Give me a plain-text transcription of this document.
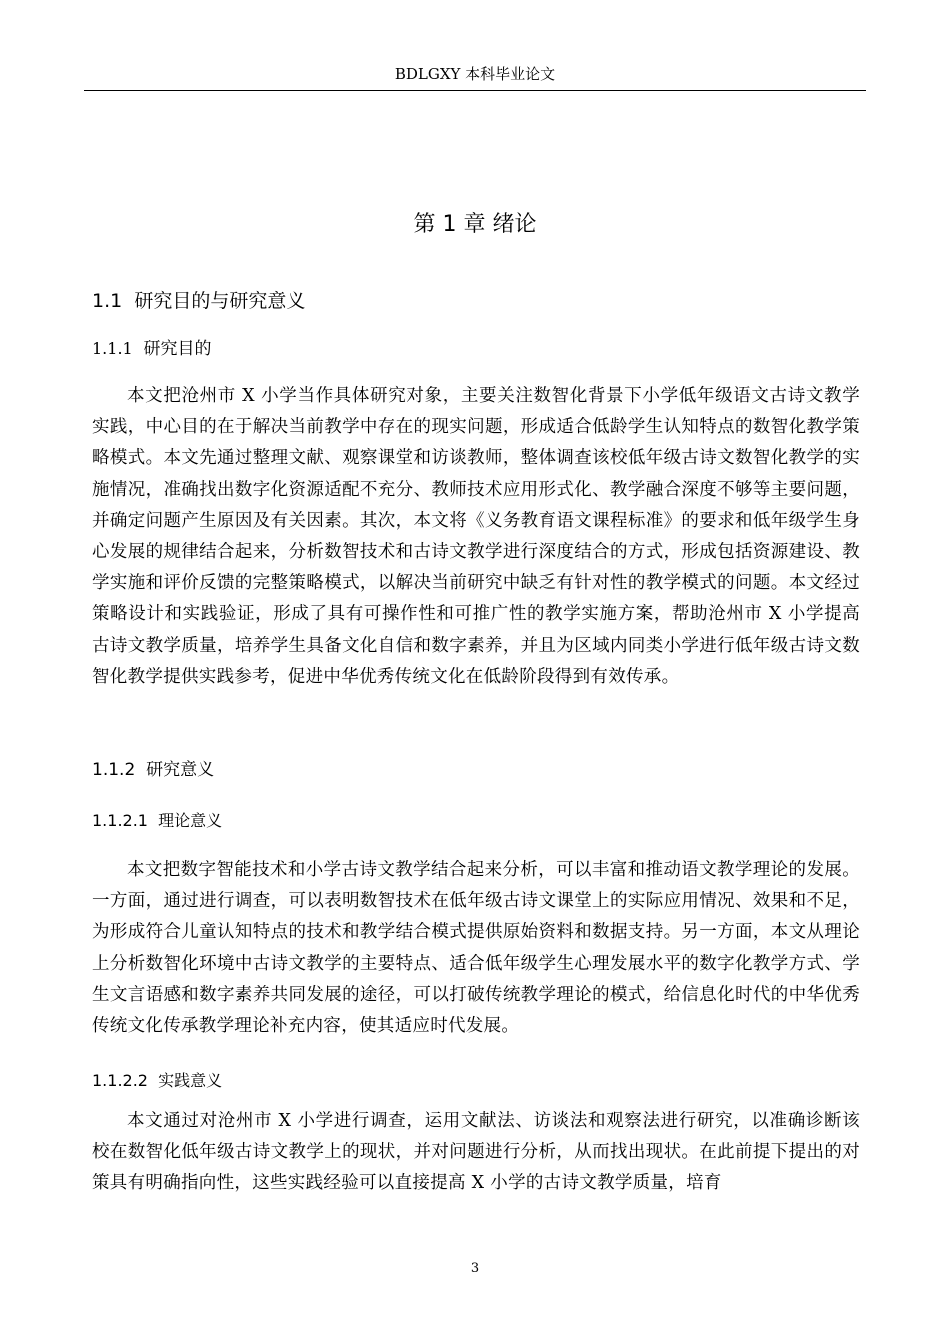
BDLGXY 本科毕业论文
第 1 章 绪论
1.1 研究目的与研究意义
1.1.1 研究目的

本文把沧州市 X 小学当作具体研究对象，主要关注数智化背景下小学低年级语文古诗文教学实践，中心目的在于解决当前教学中存在的现实问题，形成适合低龄学生认知特点的数智化教学策略模式。本文先通过整理文献、观察课堂和访谈教师，整体调查该校低年级古诗文数智化教学的实施情况，准确找出数字化资源适配不充分、教师技术应用形式化、教学融合深度不够等主要问题，并确定问题产生原因及有关因素。其次，本文将《义务教育语文课程标准》的要求和低年级学生身心发展的规律结合起来，分析数智技术和古诗文教学进行深度结合的方式，形成包括资源建设、教学实施和评价反馈的完整策略模式，以解决当前研究中缺乏有针对性的教学模式的问题。本文经过策略设计和实践验证，形成了具有可操作性和可推广性的教学实施方案，帮助沧州市 X 小学提高古诗文教学质量，培养学生具备文化自信和数字素养，并且为区域内同类小学进行低年级古诗文数智化教学提供实践参考，促进中华优秀传统文化在低龄阶段得到有效传承。

1.1.2 研究意义
1.1.2.1 理论意义

本文把数字智能技术和小学古诗文教学结合起来分析，可以丰富和推动语文教学理论的发展。一方面，通过进行调查，可以表明数智技术在低年级古诗文课堂上的实际应用情况、效果和不足，为形成符合儿童认知特点的技术和教学结合模式提供原始资料和数据支持。另一方面，本文从理论上分析数智化环境中古诗文教学的主要特点、适合低年级学生心理发展水平的数字化教学方式、学生文言语感和数字素养共同发展的途径，可以打破传统教学理论的模式，给信息化时代的中华优秀传统文化传承教学理论补充内容，使其适应时代发展。

1.1.2.2 实践意义

本文通过对沧州市 X 小学进行调查，运用文献法、访谈法和观察法进行研究，以准确诊断该校在数智化低年级古诗文教学上的现状，并对问题进行分析，从而找出现状。在此前提下提出的对策具有明确指向性，这些实践经验可以直接提高 X 小学的古诗文教学质量，培育

3
